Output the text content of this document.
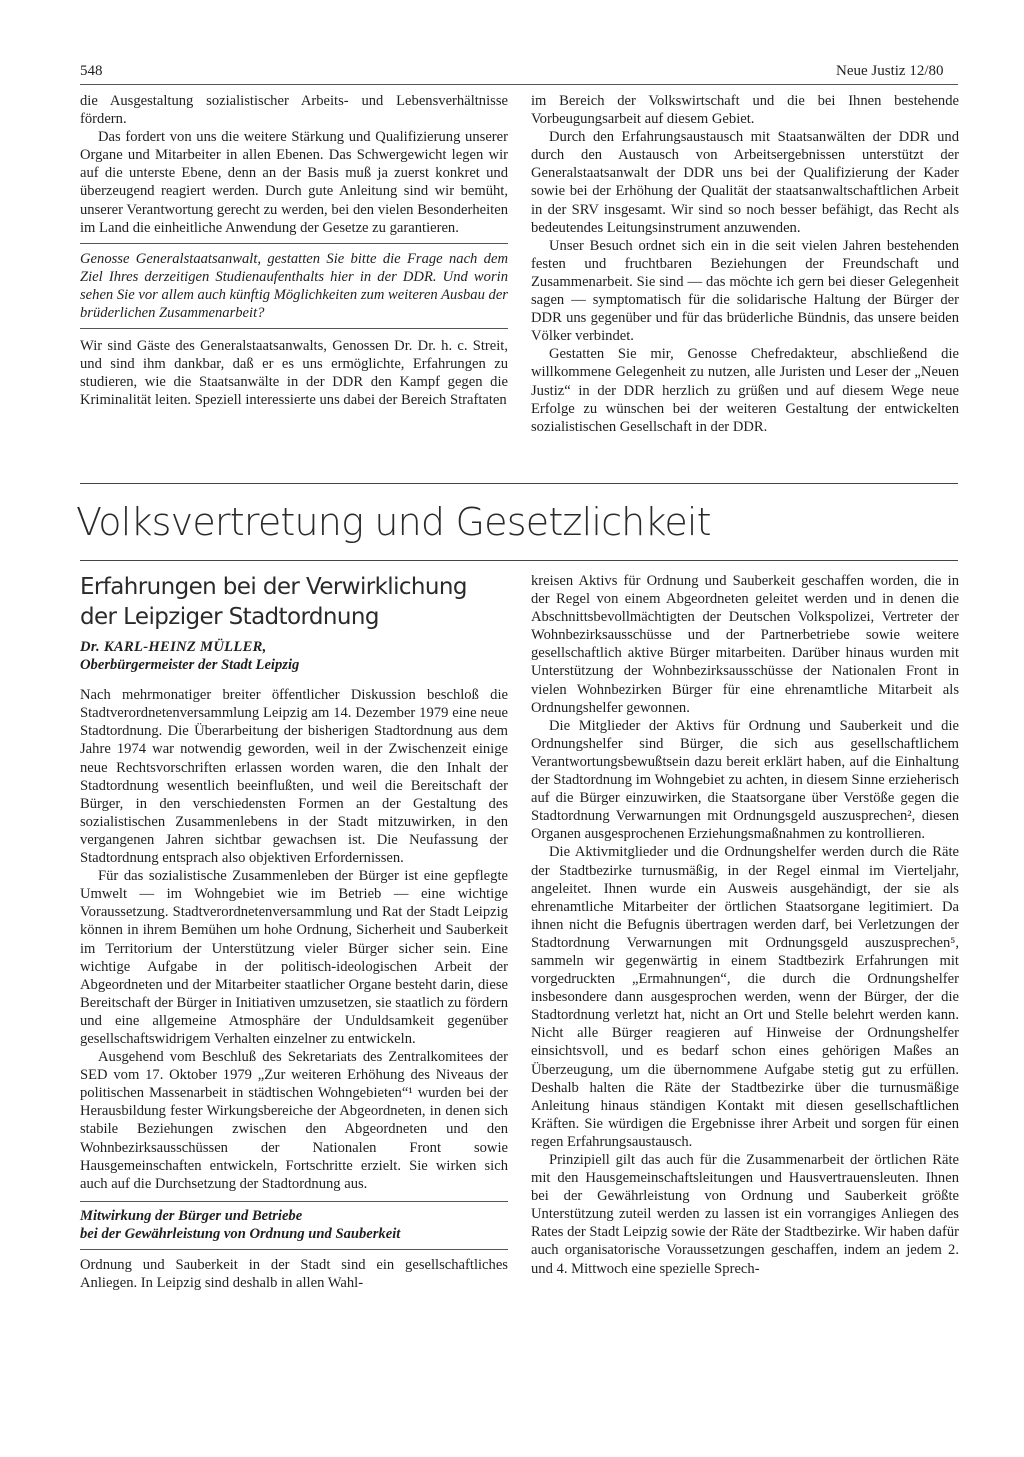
548	Neue Justiz 12/80

die Ausgestaltung sozialistischer Arbeits- und Lebensverhältnisse fördern.

Das fordert von uns die weitere Stärkung und Qualifizierung unserer Organe und Mitarbeiter in allen Ebenen. Das Schwergewicht legen wir auf die unterste Ebene, denn an der Basis muß ja zuerst konkret und überzeugend reagiert werden. Durch gute Anleitung sind wir bemüht, unserer Verantwortung gerecht zu werden, bei den vielen Besonderheiten im Land die einheitliche Anwendung der Gesetze zu garantieren.

Genosse Generalstaatsanwalt, gestatten Sie bitte die Frage nach dem Ziel Ihres derzeitigen Studienaufenthalts hier in der DDR. Und worin sehen Sie vor allem auch künftig Möglichkeiten zum weiteren Ausbau der brüderlichen Zusammenarbeit?

Wir sind Gäste des Generalstaatsanwalts, Genossen Dr. Dr. h. c. Streit, und sind ihm dankbar, daß er es uns ermöglichte, Erfahrungen zu studieren, wie die Staatsanwälte in der DDR den Kampf gegen die Kriminalität leiten. Speziell interessierte uns dabei der Bereich Straftaten

im Bereich der Volkswirtschaft und die bei Ihnen bestehende Vorbeugungsarbeit auf diesem Gebiet.

Durch den Erfahrungsaustausch mit Staatsanwälten der DDR und durch den Austausch von Arbeitsergebnissen unterstützt der Generalstaatsanwalt der DDR uns bei der Qualifizierung der Kader sowie bei der Erhöhung der Qualität der staatsanwaltschaftlichen Arbeit in der SRV insgesamt. Wir sind so noch besser befähigt, das Recht als bedeutendes Leitungsinstrument anzuwenden.

Unser Besuch ordnet sich ein in die seit vielen Jahren bestehenden festen und fruchtbaren Beziehungen der Freundschaft und Zusammenarbeit. Sie sind — das möchte ich gern bei dieser Gelegenheit sagen — symptomatisch für die solidarische Haltung der Bürger der DDR uns gegenüber und für das brüderliche Bündnis, das unsere beiden Völker verbindet.

Gestatten Sie mir, Genosse Chefredakteur, abschließend die willkommene Gelegenheit zu nutzen, alle Juristen und Leser der „Neuen Justiz“ in der DDR herzlich zu grüßen und auf diesem Wege neue Erfolge zu wünschen bei der weiteren Gestaltung der entwickelten sozialistischen Gesellschaft in der DDR.

Volksvertretung und Gesetzlichkeit
Erfahrungen bei der Verwirklichung
der Leipziger Stadtordnung
Dr. KARL-HEINZ MÜLLER,
Oberbürgermeister der Stadt Leipzig

Nach mehrmonatiger breiter öffentlicher Diskussion beschloß die Stadtverordnetenversammlung Leipzig am 14. Dezember 1979 eine neue Stadtordnung. Die Überarbeitung der bisherigen Stadtordnung aus dem Jahre 1974 war notwendig geworden, weil in der Zwischenzeit einige neue Rechtsvorschriften erlassen worden waren, die den Inhalt der Stadtordnung wesentlich beeinflußten, und weil die Bereitschaft der Bürger, in den verschiedensten Formen an der Gestaltung des sozialistischen Zusammenlebens in der Stadt mitzuwirken, in den vergangenen Jahren sichtbar gewachsen ist. Die Neufassung der Stadtordnung entsprach also objektiven Erfordernissen.

Für das sozialistische Zusammenleben der Bürger ist eine gepflegte Umwelt — im Wohngebiet wie im Betrieb — eine wichtige Voraussetzung. Stadtverordnetenversammlung und Rat der Stadt Leipzig können in ihrem Bemühen um hohe Ordnung, Sicherheit und Sauberkeit im Territorium der Unterstützung vieler Bürger sicher sein. Eine wichtige Aufgabe in der politisch-ideologischen Arbeit der Abgeordneten und der Mitarbeiter staatlicher Organe besteht darin, diese Bereitschaft der Bürger in Initiativen umzusetzen, sie staatlich zu fördern und eine allgemeine Atmosphäre der Unduldsamkeit gegenüber gesellschaftswidrigem Verhalten einzelner zu entwickeln.

Ausgehend vom Beschluß des Sekretariats des Zentralkomitees der SED vom 17. Oktober 1979 „Zur weiteren Erhöhung des Niveaus der politischen Massenarbeit in städtischen Wohngebieten“¹ wurden bei der Herausbildung fester Wirkungsbereiche der Abgeordneten, in denen sich stabile Beziehungen zwischen den Abgeordneten und den Wohnbezirksausschüssen der Nationalen Front sowie Hausgemeinschaften entwickeln, Fortschritte erzielt. Sie wirken sich auch auf die Durchsetzung der Stadtordnung aus.

Mitwirkung der Bürger und Betriebe
bei der Gewährleistung von Ordnung und Sauberkeit

Ordnung und Sauberkeit in der Stadt sind ein gesellschaftliches Anliegen. In Leipzig sind deshalb in allen Wahl-

kreisen Aktivs für Ordnung und Sauberkeit geschaffen worden, die in der Regel von einem Abgeordneten geleitet werden und in denen die Abschnittsbevollmächtigten der Deutschen Volkspolizei, Vertreter der Wohnbezirksausschüsse und der Partnerbetriebe sowie weitere gesellschaftlich aktive Bürger mitarbeiten. Darüber hinaus wurden mit Unterstützung der Wohnbezirksausschüsse der Nationalen Front in vielen Wohnbezirken Bürger für eine ehrenamtliche Mitarbeit als Ordnungshelfer gewonnen.

Die Mitglieder der Aktivs für Ordnung und Sauberkeit und die Ordnungshelfer sind Bürger, die sich aus gesellschaftlichem Verantwortungsbewußtsein dazu bereit erklärt haben, auf die Einhaltung der Stadtordnung im Wohngebiet zu achten, in diesem Sinne erzieherisch auf die Bürger einzuwirken, die Staatsorgane über Verstöße gegen die Stadtordnung Verwarnungen mit Ordnungsgeld auszusprechen², diesen Organen ausgesprochenen Erziehungsmaßnahmen zu kontrollieren.

Die Aktivmitglieder und die Ordnungshelfer werden durch die Räte der Stadtbezirke turnusmäßig, in der Regel einmal im Vierteljahr, angeleitet. Ihnen wurde ein Ausweis ausgehändigt, der sie als ehrenamtliche Mitarbeiter der örtlichen Staatsorgane legitimiert. Da ihnen nicht die Befugnis übertragen werden darf, bei Verletzungen der Stadtordnung Verwarnungen mit Ordnungsgeld auszusprechen⁵, sammeln wir gegenwärtig in einem Stadtbezirk Erfahrungen mit vorgedruckten „Ermahnungen“, die durch die Ordnungshelfer insbesondere dann ausgesprochen werden, wenn der Bürger, der die Stadtordnung verletzt hat, nicht an Ort und Stelle belehrt werden kann. Nicht alle Bürger reagieren auf Hinweise der Ordnungshelfer einsichtsvoll, und es bedarf schon eines gehörigen Maßes an Überzeugung, um die übernommene Aufgabe stetig gut zu erfüllen. Deshalb halten die Räte der Stadtbezirke über die turnusmäßige Anleitung hinaus ständigen Kontakt mit diesen gesellschaftlichen Kräften. Sie würdigen die Ergebnisse ihrer Arbeit und sorgen für einen regen Erfahrungsaustausch.

Prinzipiell gilt das auch für die Zusammenarbeit der örtlichen Räte mit den Hausgemeinschaftsleitungen und Hausvertrauensleuten. Ihnen bei der Gewährleistung von Ordnung und Sauberkeit größte Unterstützung zuteil werden zu lassen ist ein vorrangiges Anliegen des Rates der Stadt Leipzig sowie der Räte der Stadtbezirke. Wir haben dafür auch organisatorische Voraussetzungen geschaffen, indem an jedem 2. und 4. Mittwoch eine spezielle Sprech-
